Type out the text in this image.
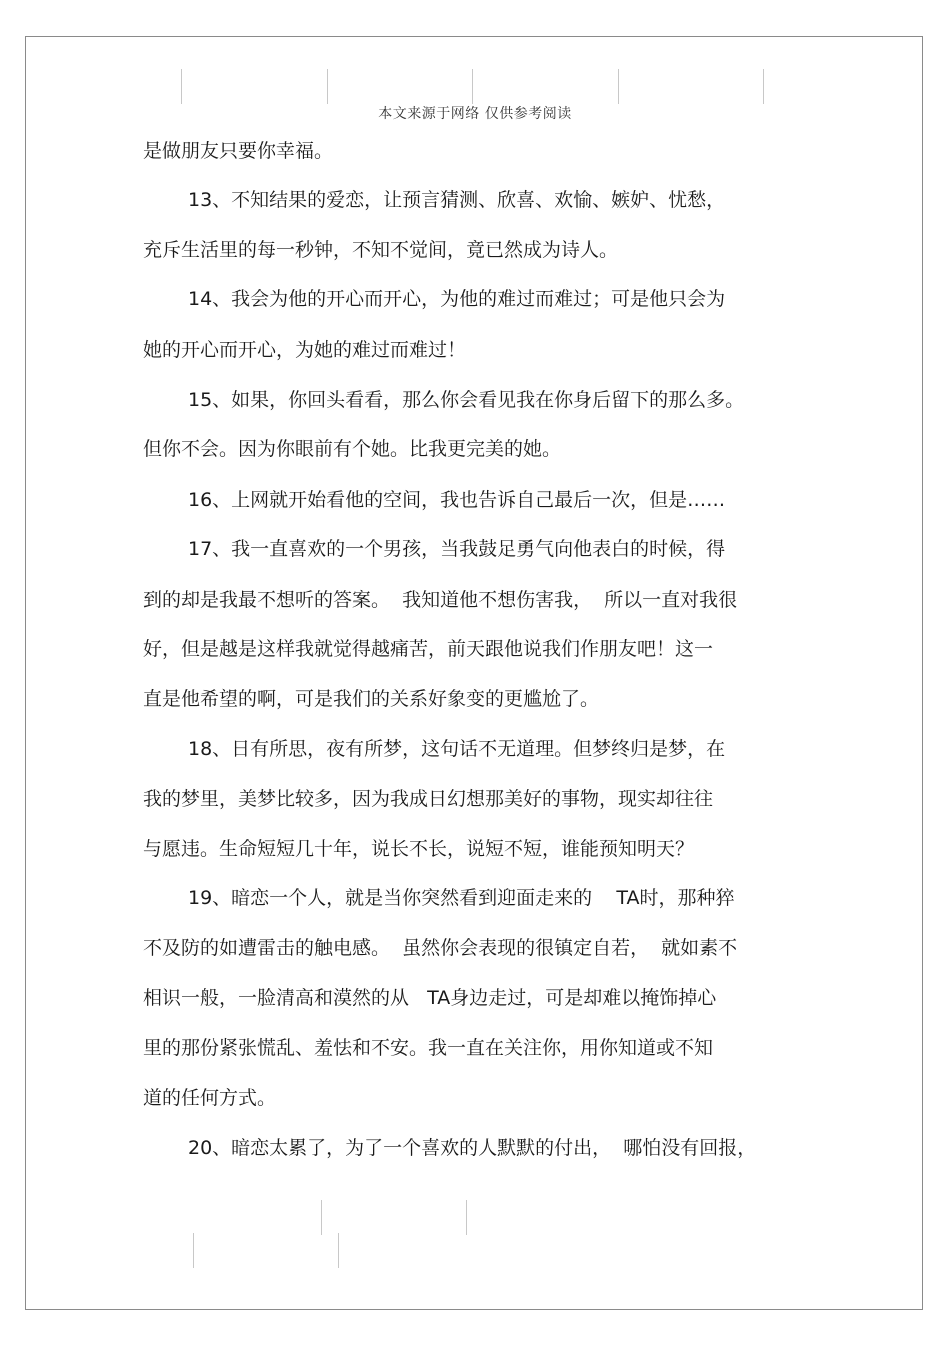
本文来源于网络 仅供参考阅读
是做朋友只要你幸福。
13、不知结果的爱恋，让预言猜测、欣喜、欢愉、嫉妒、忧愁，
充斥生活里的每一秒钟，不知不觉间，竟已然成为诗人。
14、我会为他的开心而开心，为他的难过而难过；可是他只会为
她的开心而开心，为她的难过而难过！
15、如果，你回头看看，那么你会看见我在你身后留下的那么多。
但你不会。因为你眼前有个她。比我更完美的她。
16、上网就开始看他的空间，我也告诉自己最后一次，但是……
17、我一直喜欢的一个男孩，当我鼓足勇气向他表白的时候，得
到的却是我最不想听的答案。  我知道他不想伤害我，  所以一直对我很
好，但是越是这样我就觉得越痛苦，前天跟他说我们作朋友吧！这一
直是他希望的啊，可是我们的关系好象变的更尴尬了。
18、日有所思，夜有所梦，这句话不无道理。但梦终归是梦，在
我的梦里，美梦比较多，因为我成日幻想那美好的事物，现实却往往
与愿违。生命短短几十年，说长不长，说短不短，谁能预知明天？
19、暗恋一个人，就是当你突然看到迎面走来的    TA时，那种猝
不及防的如遭雷击的触电感。  虽然你会表现的很镇定自若，  就如素不
相识一般，一脸清高和漠然的从   TA身边走过，可是却难以掩饰掉心
里的那份紧张慌乱、羞怯和不安。我一直在关注你，用你知道或不知
道的任何方式。
20、暗恋太累了，为了一个喜欢的人默默的付出，  哪怕没有回报，
